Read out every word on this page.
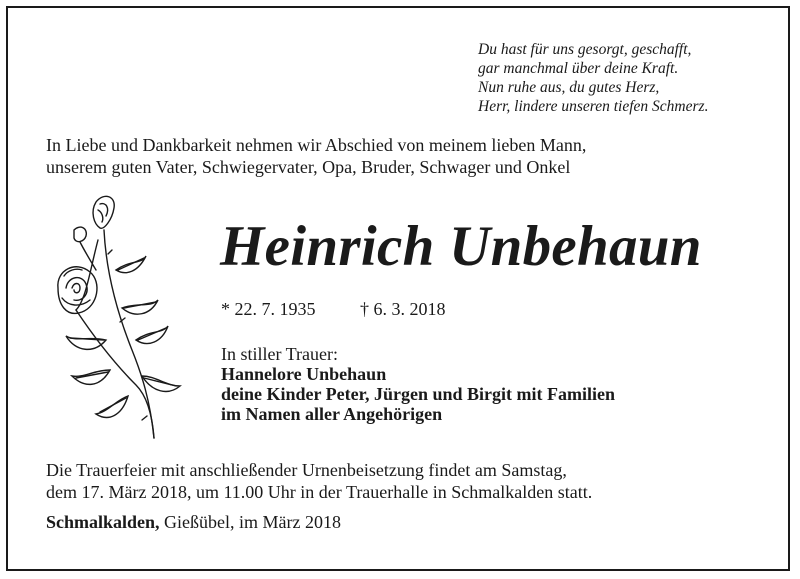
Du hast für uns gesorgt, geschafft,
gar manchmal über deine Kraft.
Nun ruhe aus, du gutes Herz,
Herr, lindere unseren tiefen Schmerz.
In Liebe und Dankbarkeit nehmen wir Abschied von meinem lieben Mann,
unserem guten Vater, Schwiegervater, Opa, Bruder, Schwager und Onkel
Heinrich Unbehaun
* 22. 7. 1935 † 6. 3. 2018
In stiller Trauer:
Hannelore Unbehaun
deine Kinder Peter, Jürgen und Birgit mit Familien
im Namen aller Angehörigen
Die Trauerfeier mit anschließender Urnenbeisetzung findet am Samstag,
dem 17. März 2018, um 11.00 Uhr in der Trauerhalle in Schmalkalden statt.
Schmalkalden, Gießübel, im März 2018
